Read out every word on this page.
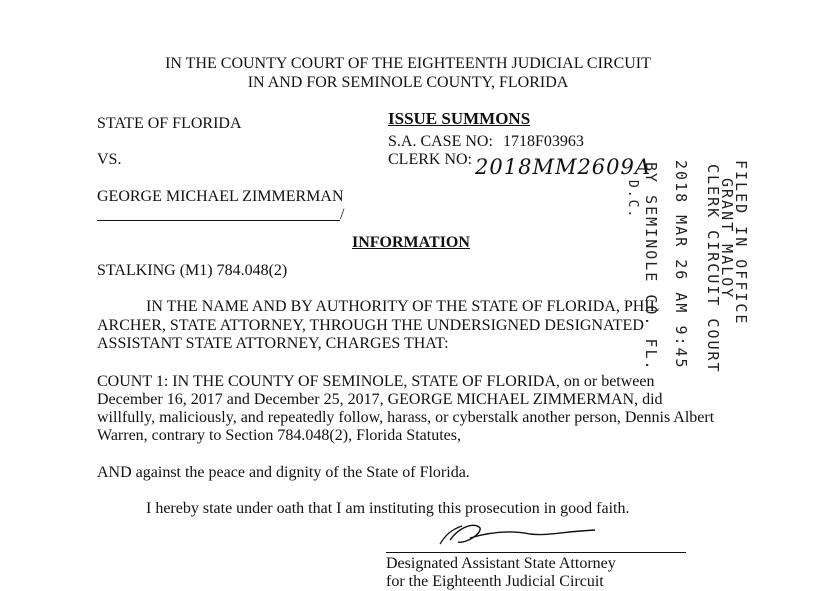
IN THE COUNTY COURT OF THE EIGHTEENTH JUDICIAL CIRCUIT
IN AND FOR SEMINOLE COUNTY, FLORIDA
STATE OF FLORIDA
VS.
GEORGE MICHAEL ZIMMERMAN
/
ISSUE SUMMONS
S.A. CASE NO: 1718F03963
CLERK NO: 2018MM2609A
INFORMATION
STALKING (M1) 784.048(2)
IN THE NAME AND BY AUTHORITY OF THE STATE OF FLORIDA, PHIL
ARCHER, STATE ATTORNEY, THROUGH THE UNDERSIGNED DESIGNATED
ASSISTANT STATE ATTORNEY, CHARGES THAT:
COUNT 1: IN THE COUNTY OF SEMINOLE, STATE OF FLORIDA, on or between
December 16, 2017 and December 25, 2017, GEORGE MICHAEL ZIMMERMAN, did
willfully, maliciously, and repeatedly follow, harass, or cyberstalk another person, Dennis Albert
Warren, contrary to Section 784.048(2), Florida Statutes,
AND against the peace and dignity of the State of Florida.
I hereby state under oath that I am instituting this prosecution in good faith.
Designated Assistant State Attorney
for the Eighteenth Judicial Circuit
2018 MAR 26 AM 9:45	FILED IN OFFICE
GRANT MALOY
CLERK CIRCUIT COURT
BY SEMINOLE CO. FL.
D.C.
